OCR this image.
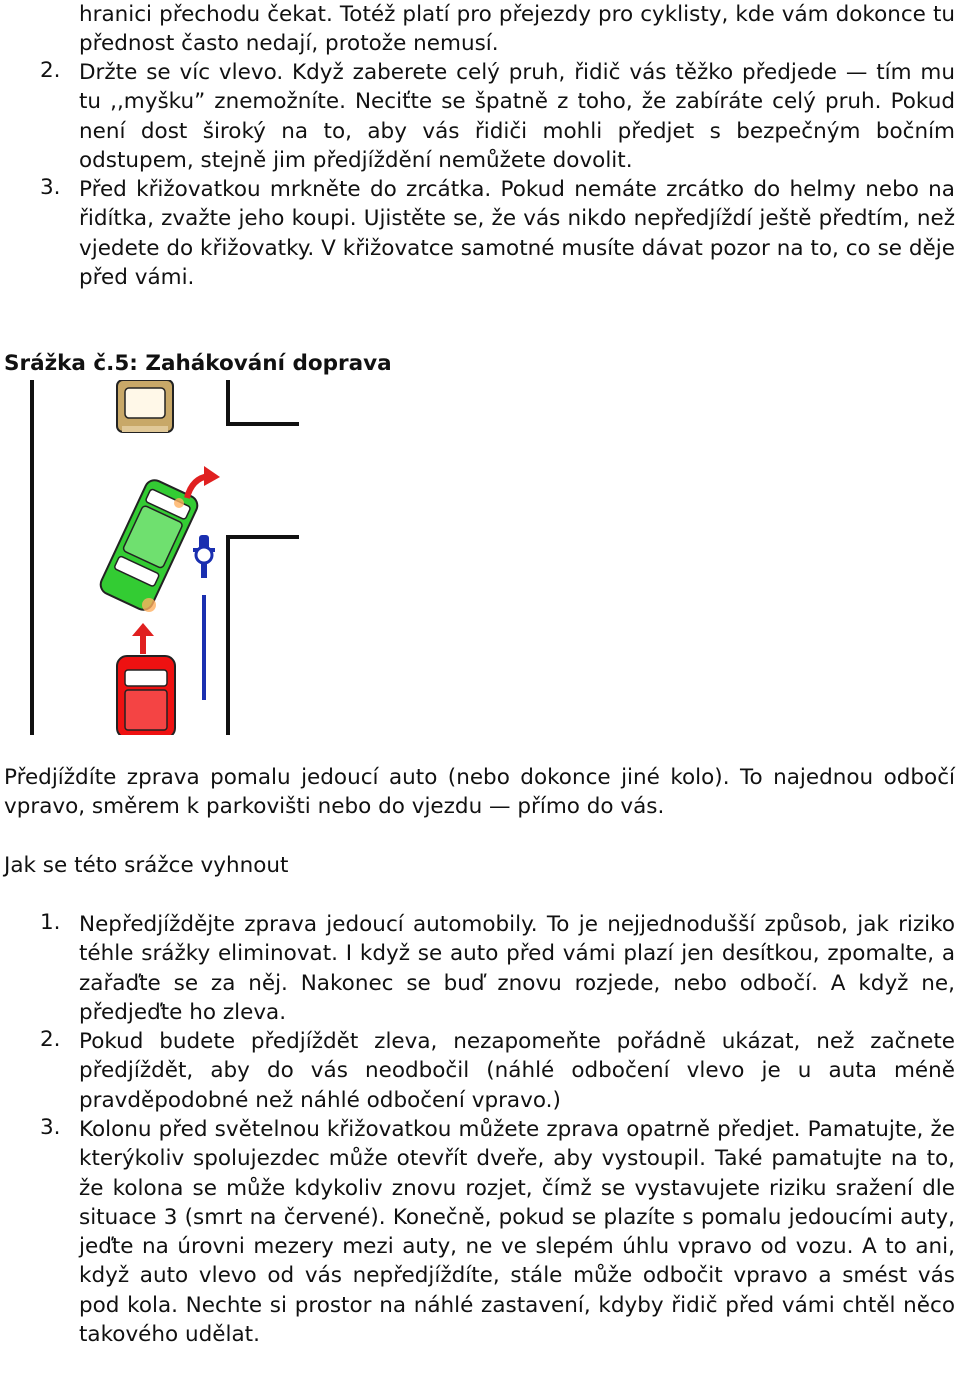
hranici přechodu čekat. Totéž platí pro přejezdy pro cyklisty, kde vám dokonce tu přednost často nedají, protože nemusí.

2. Držte se víc vlevo. Když zaberete celý pruh, řidič vás těžko předjede — tím mu tu ,,myšku” znemožníte. Neciťte se špatně z toho, že zabíráte celý pruh. Pokud není dost široký na to, aby vás řidiči mohli předjet s bezpečným bočním odstupem, stejně jim předjíždění nemůžete dovolit.
3. Před křižovatkou mrkněte do zrcátka. Pokud nemáte zrcátko do helmy nebo na řidítka, zvažte jeho koupi. Ujistěte se, že vás nikdo nepředjíždí ještě předtím, než vjedete do křižovatky. V křižovatce samotné musíte dávat pozor na to, co se děje před vámi.
Srážka č.5: Zahákování doprava

Předjíždíte zprava pomalu jedoucí auto (nebo dokonce jiné kolo). To najednou odbočí vpravo, směrem k parkovišti nebo do vjezdu — přímo do vás.

Jak se této srážce vyhnout
1. Nepředjíždějte zprava jedoucí automobily. To je nejjednodušší způsob, jak riziko téhle srážky eliminovat. I když se auto před vámi plazí jen desítkou, zpomalte, a zařaďte se za něj. Nakonec se buď znovu rozjede, nebo odbočí. A když ne, předjeďte ho zleva.
2. Pokud budete předjíždět zleva, nezapomeňte pořádně ukázat, než začnete předjíždět, aby do vás neodbočil (náhlé odbočení vlevo je u auta méně pravděpodobné než náhlé odbočení vpravo.)
3. Kolonu před světelnou křižovatkou můžete zprava opatrně předjet. Pamatujte, že kterýkoliv spolujezdec může otevřít dveře, aby vystoupil. Také pamatujte na to, že kolona se může kdykoliv znovu rozjet, čímž se vystavujete riziku sražení dle situace 3 (smrt na červené). Konečně, pokud se plazíte s pomalu jedoucími auty, jeďte na úrovni mezery mezi auty, ne ve slepém úhlu vpravo od vozu. A to ani, když auto vlevo od vás nepředjíždíte, stále může odbočit vpravo a smést vás pod kola. Nechte si prostor na náhlé zastavení, kdyby řidič před vámi chtěl něco takového udělat.
